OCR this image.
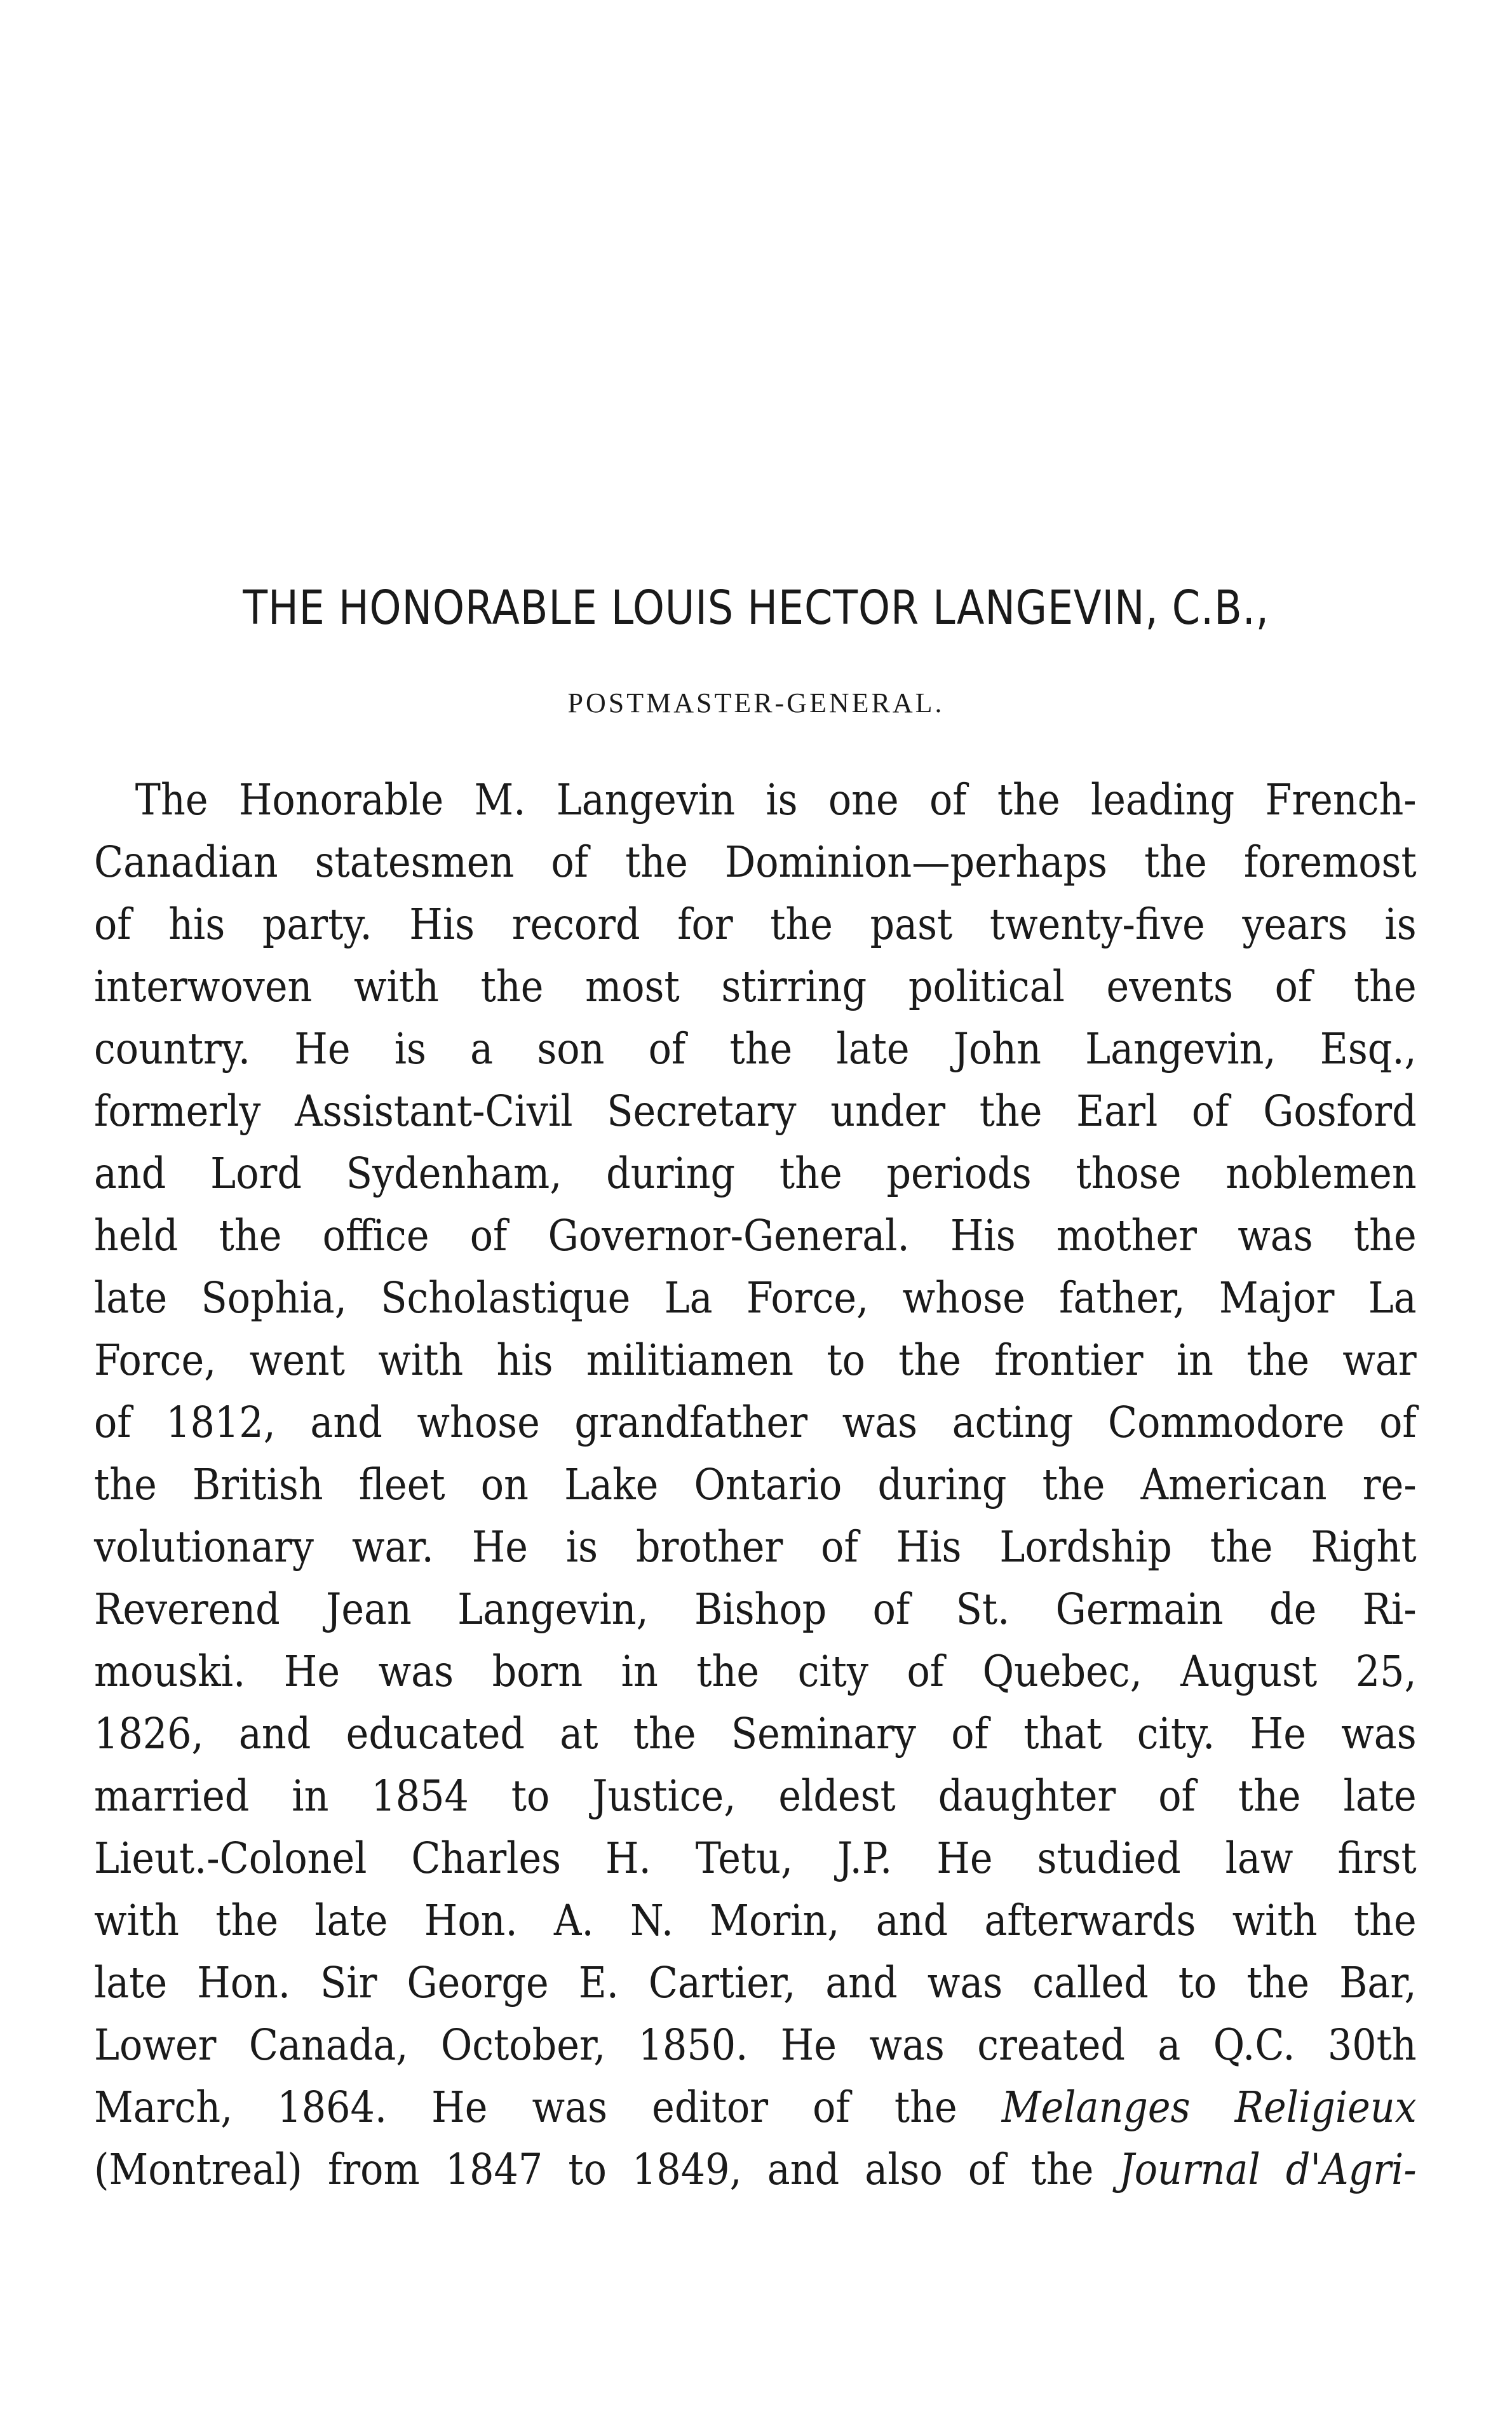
THE HONORABLE LOUIS HECTOR LANGEVIN, C.B.,
POSTMASTER-GENERAL.
The Honorable M. Langevin is one of the leading French-
Canadian statesmen of the Dominion—perhaps the foremost
of his party. His record for the past twenty-five years is
interwoven with the most stirring political events of the
country. He is a son of the late John Langevin, Esq.,
formerly Assistant-Civil Secretary under the Earl of Gosford
and Lord Sydenham, during the periods those noblemen
held the office of Governor-General. His mother was the
late Sophia, Scholastique La Force, whose father, Major La
Force, went with his militiamen to the frontier in the war
of 1812, and whose grandfather was acting Commodore of
the British fleet on Lake Ontario during the American re-
volutionary war. He is brother of His Lordship the Right
Reverend Jean Langevin, Bishop of St. Germain de Ri-
mouski. He was born in the city of Quebec, August 25,
1826, and educated at the Seminary of that city. He was
married in 1854 to Justice, eldest daughter of the late
Lieut.-Colonel Charles H. Tetu, J.P. He studied law first
with the late Hon. A. N. Morin, and afterwards with the
late Hon. Sir George E. Cartier, and was called to the Bar,
Lower Canada, October, 1850. He was created a Q.C. 30th
March, 1864. He was editor of the Melanges Religieux
(Montreal) from 1847 to 1849, and also of the Journal d'Agri-
